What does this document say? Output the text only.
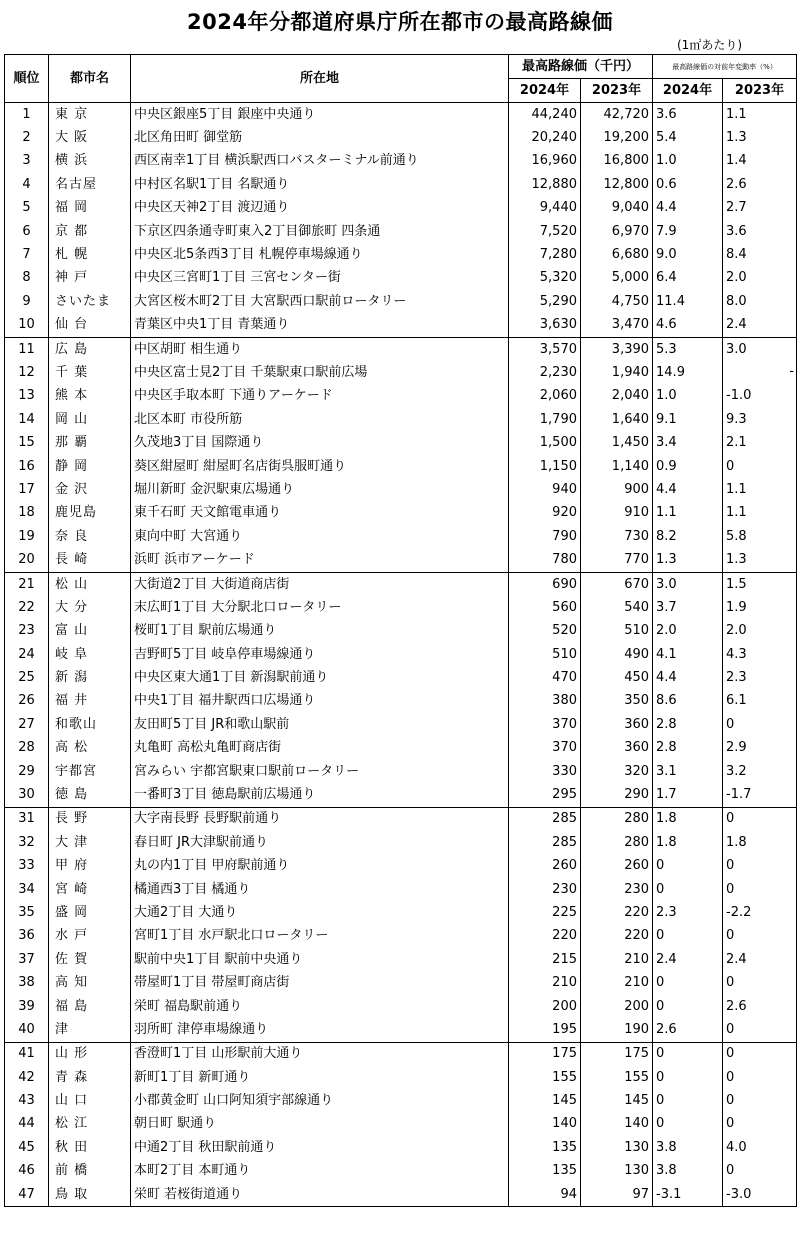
2024年分都道府県庁所在都市の最高路線価
(1㎡あたり)
順位	都市名	所在地	最高路線価（千円）		最高路線価の対前年変動率（%）	
			2024年	2023年	2024年	2023年
1	東 京	中央区銀座5丁目 銀座中央通り	44,240	42,720	3.6	1.1
2	大 阪	北区角田町 御堂筋	20,240	19,200	5.4	1.3
3	横 浜	西区南幸1丁目 横浜駅西口バスターミナル前通り	16,960	16,800	1.0	1.4
4	名古屋	中村区名駅1丁目 名駅通り	12,880	12,800	0.6	2.6
5	福 岡	中央区天神2丁目 渡辺通り	9,440	9,040	4.4	2.7
6	京 都	下京区四条通寺町東入2丁目御旅町 四条通	7,520	6,970	7.9	3.6
7	札 幌	中央区北5条西3丁目 札幌停車場線通り	7,280	6,680	9.0	8.4
8	神 戸	中央区三宮町1丁目 三宮センター街	5,320	5,000	6.4	2.0
9	さいたま	大宮区桜木町2丁目 大宮駅西口駅前ロータリー	5,290	4,750	11.4	8.0
10	仙 台	青葉区中央1丁目 青葉通り	3,630	3,470	4.6	2.4
11	広 島	中区胡町 相生通り	3,570	3,390	5.3	3.0
12	千 葉	中央区富士見2丁目 千葉駅東口駅前広場	2,230	1,940	14.9	-

13	熊 本	中央区手取本町 下通りアーケード	2,060	2,040	1.0	-1.0
14	岡 山	北区本町 市役所筋	1,790	1,640	9.1	9.3
15	那 覇	久茂地3丁目 国際通り	1,500	1,450	3.4	2.1
16	静 岡	葵区紺屋町 紺屋町名店街呉服町通り	1,150	1,140	0.9	0
17	金 沢	堀川新町 金沢駅東広場通り	940	900	4.4	1.1
18	鹿児島	東千石町 天文館電車通り	920	910	1.1	1.1
19	奈 良	東向中町 大宮通り	790	730	8.2	5.8
20	長 崎	浜町 浜市アーケード	780	770	1.3	1.3
21	松 山	大街道2丁目 大街道商店街	690	670	3.0	1.5
22	大 分	末広町1丁目 大分駅北口ロータリー	560	540	3.7	1.9
23	富 山	桜町1丁目 駅前広場通り	520	510	2.0	2.0
24	岐 阜	吉野町5丁目 岐阜停車場線通り	510	490	4.1	4.3
25	新 潟	中央区東大通1丁目 新潟駅前通り	470	450	4.4	2.3
26	福 井	中央1丁目 福井駅西口広場通り	380	350	8.6	6.1
27	和歌山	友田町5丁目 JR和歌山駅前	370	360	2.8	0
28	高 松	丸亀町 高松丸亀町商店街	370	360	2.8	2.9
29	宇都宮	宮みらい 宇都宮駅東口駅前ロータリー	330	320	3.1	3.2
30	徳 島	一番町3丁目 徳島駅前広場通り	295	290	1.7	-1.7
31	長 野	大字南長野 長野駅前通り	285	280	1.8	0
32	大 津	春日町 JR大津駅前通り	285	280	1.8	1.8
33	甲 府	丸の内1丁目 甲府駅前通り	260	260	0	0
34	宮 崎	橘通西3丁目 橘通り	230	230	0	0
35	盛 岡	大通2丁目 大通り	225	220	2.3	-2.2
36	水 戸	宮町1丁目 水戸駅北口ロータリー	220	220	0	0
37	佐 賀	駅前中央1丁目 駅前中央通り	215	210	2.4	2.4
38	高 知	帯屋町1丁目 帯屋町商店街	210	210	0	0
39	福 島	栄町 福島駅前通り	200	200	0	2.6
40	津	羽所町 津停車場線通り	195	190	2.6	0
41	山 形	香澄町1丁目 山形駅前大通り	175	175	0	0
42	青 森	新町1丁目 新町通り	155	155	0	0
43	山 口	小郡黄金町 山口阿知須宇部線通り	145	145	0	0
44	松 江	朝日町 駅通り	140	140	0	0
45	秋 田	中通2丁目 秋田駅前通り	135	130	3.8	4.0
46	前 橋	本町2丁目 本町通り	135	130	3.8	0
47	鳥 取	栄町 若桜街道通り	94	97	-3.1	-3.0
